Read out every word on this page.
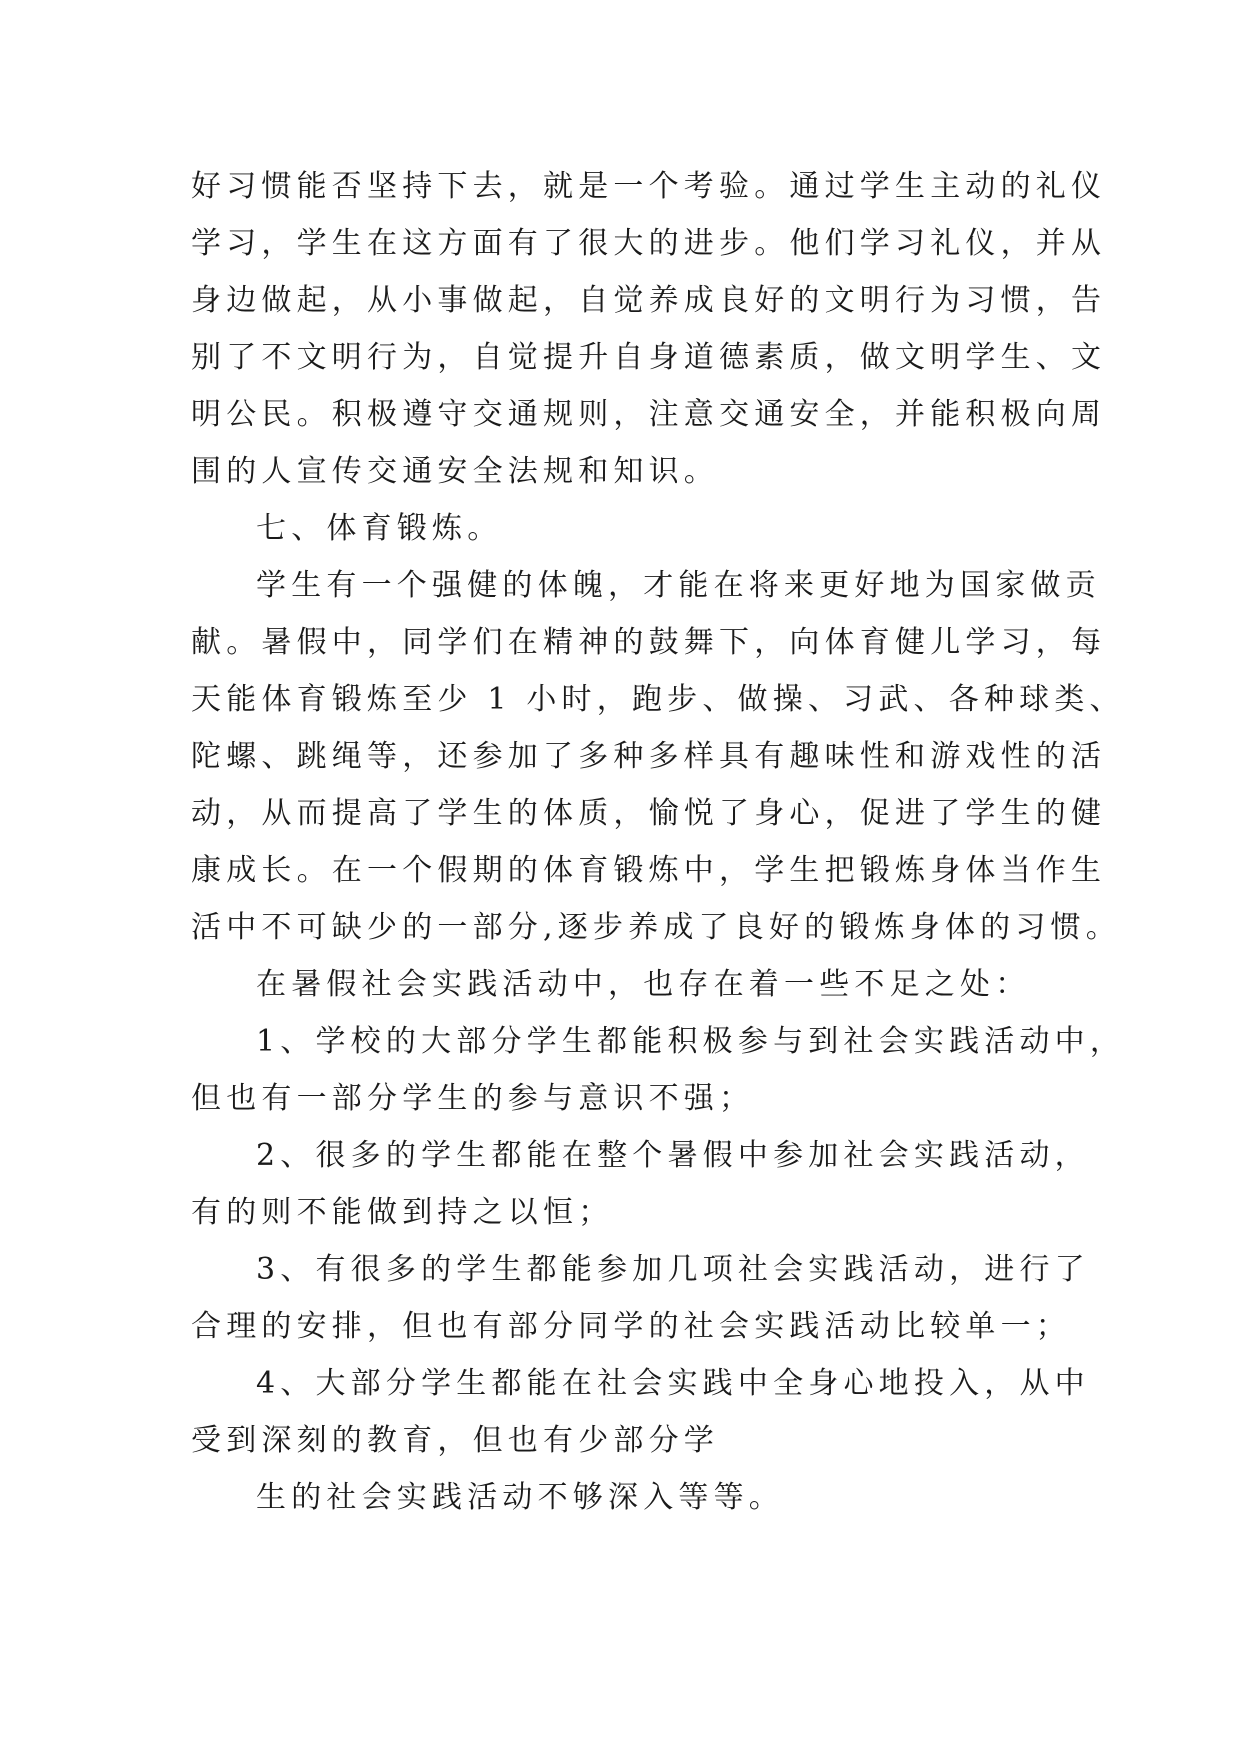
好习惯能否坚持下去，就是一个考验。通过学生主动的礼仪
学习，学生在这方面有了很大的进步。他们学习礼仪，并从
身边做起，从小事做起，自觉养成良好的文明行为习惯，告
别了不文明行为，自觉提升自身道德素质，做文明学生、文
明公民。积极遵守交通规则，注意交通安全，并能积极向周
围的人宣传交通安全法规和知识。
七、体育锻炼。
学生有一个强健的体魄，才能在将来更好地为国家做贡
献。暑假中，同学们在精神的鼓舞下，向体育健儿学习，每
天能体育锻炼至少 1 小时，跑步、做操、习武、各种球类、
陀螺、跳绳等，还参加了多种多样具有趣味性和游戏性的活
动，从而提高了学生的体质，愉悦了身心，促进了学生的健
康成长。在一个假期的体育锻炼中，学生把锻炼身体当作生
活中不可缺少的一部分,逐步养成了良好的锻炼身体的习惯。
在暑假社会实践活动中，也存在着一些不足之处：
1、学校的大部分学生都能积极参与到社会实践活动中，
但也有一部分学生的参与意识不强；
2、很多的学生都能在整个暑假中参加社会实践活动，
有的则不能做到持之以恒；
3、有很多的学生都能参加几项社会实践活动，进行了
合理的安排，但也有部分同学的社会实践活动比较单一；
4、大部分学生都能在社会实践中全身心地投入，从中
受到深刻的教育，但也有少部分学
生的社会实践活动不够深入等等。
